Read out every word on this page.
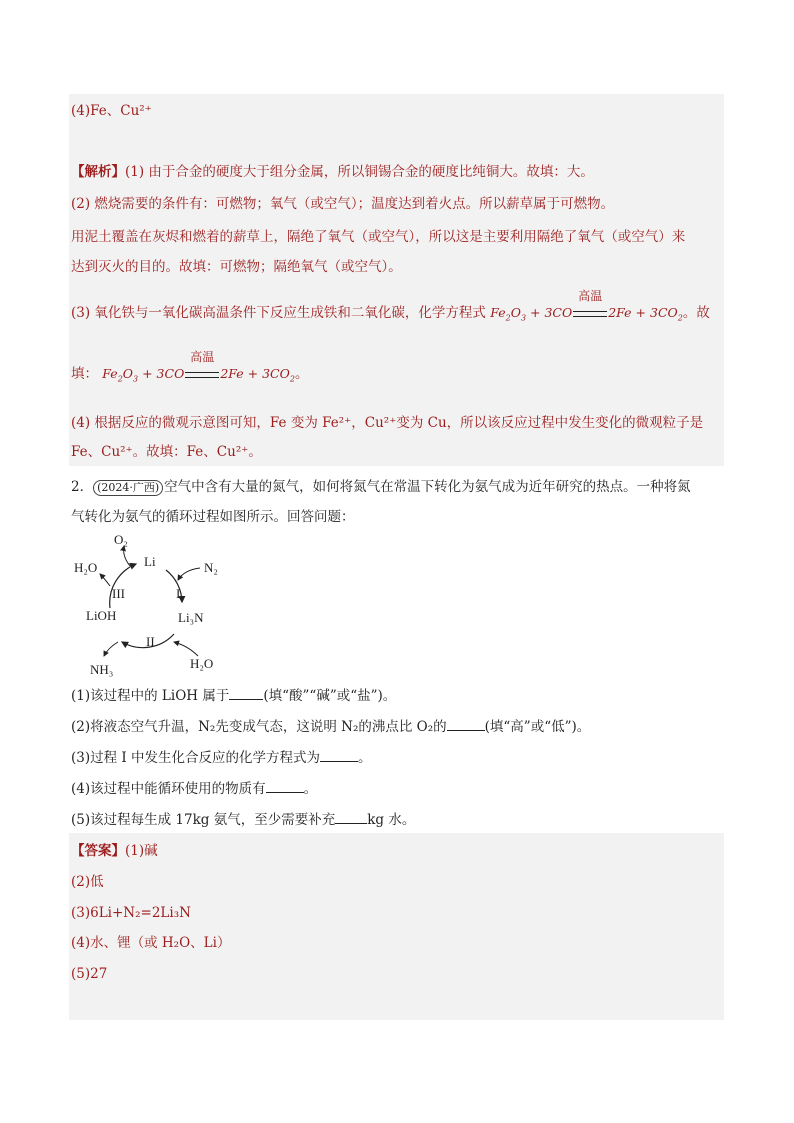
(4)Fe、Cu²⁺
【解析】(1) 由于合金的硬度大于组分金属，所以铜锡合金的硬度比纯铜大。故填：大。
(2) 燃烧需要的条件有：可燃物；氧气（或空气）；温度达到着火点。所以薪草属于可燃物。
用泥土覆盖在灰烬和燃着的薪草上，隔绝了氧气（或空气），所以这是主要利用隔绝了氧气（或空气）来
达到灭火的目的。故填：可燃物；隔绝氧气（或空气）。
(3) 氧化铁与一氧化碳高温条件下反应生成铁和二氧化碳，化学方程式 $Fe_2O_3 + 3CO$
高温
$2Fe + 3CO_2$。故
填： $Fe_2O_3 + 3CO$
高温
$2Fe + 3CO_2$。
(4) 根据反应的微观示意图可知，Fe 变为 Fe²⁺，Cu²⁺变为 Cu，所以该反应过程中发生变化的微观粒子是
Fe、Cu²⁺。故填：Fe、Cu²⁺。
2． (2024·广西) 空气中含有大量的氮气，如何将氮气在常温下转化为氨气成为近年研究的热点。一种将氮
气转化为氨气的循环过程如图所示。回答问题：
O₂
Li	N₂
H₂O
III	I
LiOH	Li₃N
II
NH₃	H₂O
(1)该过程中的 LiOH 属于	(填“酸”“碱”或“盐”)。
(2)将液态空气升温，N₂先变成气态，这说明 N₂的沸点比 O₂的	(填“高”或“低”)。
(3)过程 I 中发生化合反应的化学方程式为	。
(4)该过程中能循环使用的物质有	。
(5)该过程每生成 17kg 氨气，至少需要补充 kg 水。
【答案】(1)碱
(2)低
(3)6Li+N₂=2Li₃N
(4)水、锂（或 H₂O、Li）
(5)27
